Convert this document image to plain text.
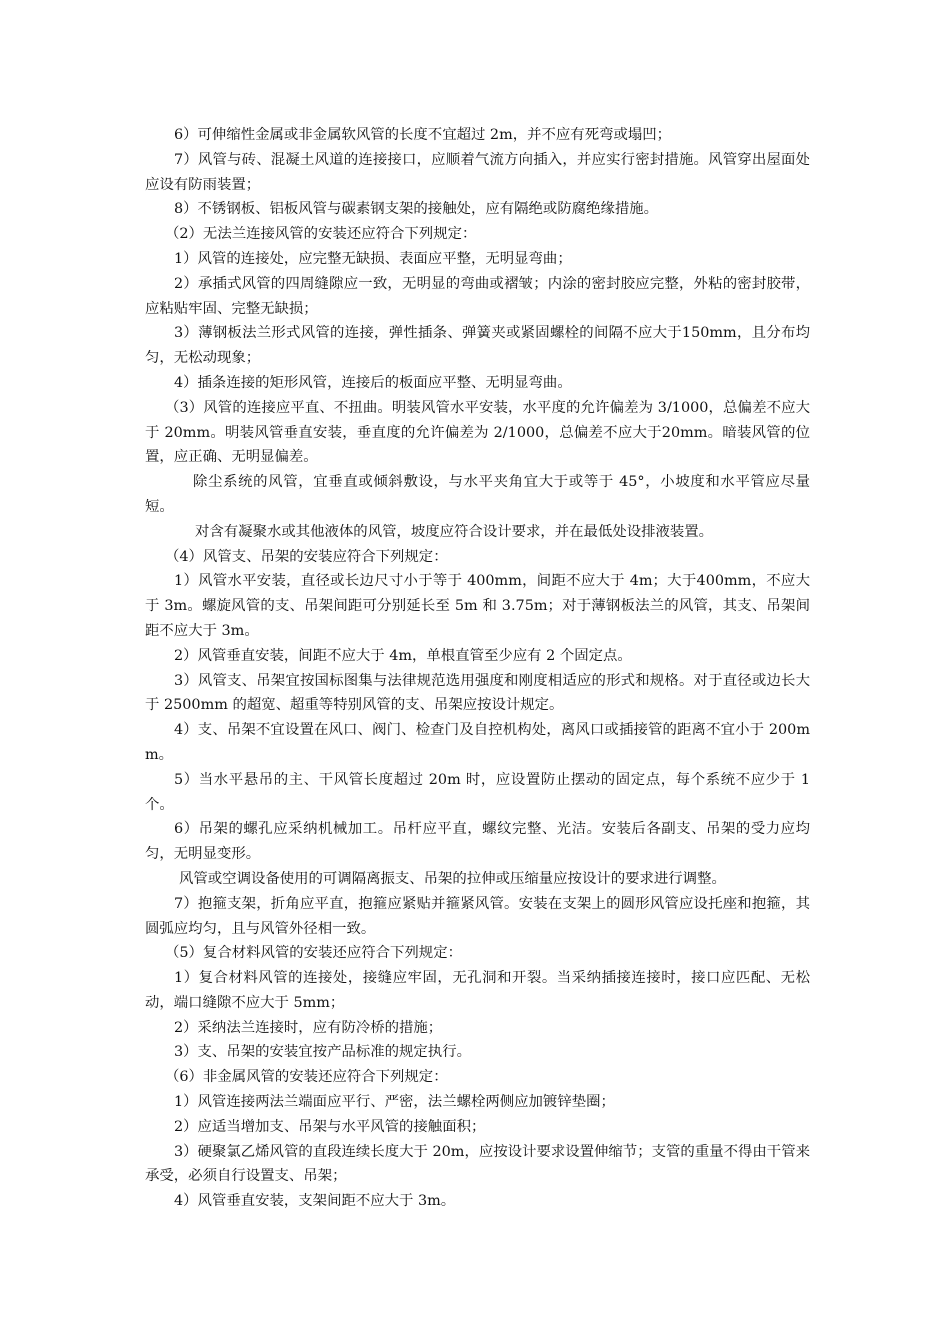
6）可伸缩性金属或非金属软风管的长度不宜超过 2m，并不应有死弯或塌凹；

7）风管与砖、混凝土风道的连接接口，应顺着气流方向插入，并应实行密封措施。风管穿出屋面处应设有防雨装置；

8）不锈钢板、铝板风管与碳素钢支架的接触处，应有隔绝或防腐绝缘措施。

（2）无法兰连接风管的安装还应符合下列规定：

1）风管的连接处，应完整无缺损、表面应平整，无明显弯曲；

2）承插式风管的四周缝隙应一致，无明显的弯曲或褶皱；内涂的密封胶应完整，外粘的密封胶带，应粘贴牢固、完整无缺损；

3）薄钢板法兰形式风管的连接，弹性插条、弹簧夹或紧固螺栓的间隔不应大于150mm，且分布均匀，无松动现象；

4）插条连接的矩形风管，连接后的板面应平整、无明显弯曲。

（3）风管的连接应平直、不扭曲。明装风管水平安装，水平度的允许偏差为 3/1000，总偏差不应大于 20mm。明装风管垂直安装，垂直度的允许偏差为 2/1000，总偏差不应大于20mm。暗装风管的位置，应正确、无明显偏差。

除尘系统的风管，宜垂直或倾斜敷设，与水平夹角宜大于或等于 45°，小坡度和水平管应尽量短。

对含有凝聚水或其他液体的风管，坡度应符合设计要求，并在最低处设排液装置。

（4）风管支、吊架的安装应符合下列规定：

1）风管水平安装，直径或长边尺寸小于等于 400mm，间距不应大于 4m；大于400mm，不应大于 3m。螺旋风管的支、吊架间距可分别延长至 5m 和 3.75m；对于薄钢板法兰的风管，其支、吊架间距不应大于 3m。

2）风管垂直安装，间距不应大于 4m，单根直管至少应有 2 个固定点。

3）风管支、吊架宜按国标图集与法律规范选用强度和刚度相适应的形式和规格。对于直径或边长大于 2500mm 的超宽、超重等特别风管的支、吊架应按设计规定。

4）支、吊架不宜设置在风口、阀门、检查门及自控机构处，离风口或插接管的距离不宜小于 200mm。

5）当水平悬吊的主、干风管长度超过 20m 时，应设置防止摆动的固定点，每个系统不应少于 1 个。

6）吊架的螺孔应采纳机械加工。吊杆应平直，螺纹完整、光洁。安装后各副支、吊架的受力应均匀，无明显变形。

风管或空调设备使用的可调隔离振支、吊架的拉伸或压缩量应按设计的要求进行调整。

7）抱箍支架，折角应平直，抱箍应紧贴并箍紧风管。安装在支架上的圆形风管应设托座和抱箍，其圆弧应均匀，且与风管外径相一致。

（5）复合材料风管的安装还应符合下列规定：

1）复合材料风管的连接处，接缝应牢固，无孔洞和开裂。当采纳插接连接时，接口应匹配、无松动，端口缝隙不应大于 5mm；

2）采纳法兰连接时，应有防冷桥的措施；

3）支、吊架的安装宜按产品标准的规定执行。

（6）非金属风管的安装还应符合下列规定：

1）风管连接两法兰端面应平行、严密，法兰螺栓两侧应加镀锌垫圈；

2）应适当增加支、吊架与水平风管的接触面积；

3）硬聚氯乙烯风管的直段连续长度大于 20m，应按设计要求设置伸缩节；支管的重量不得由干管来承受，必须自行设置支、吊架；

4）风管垂直安装，支架间距不应大于 3m。
